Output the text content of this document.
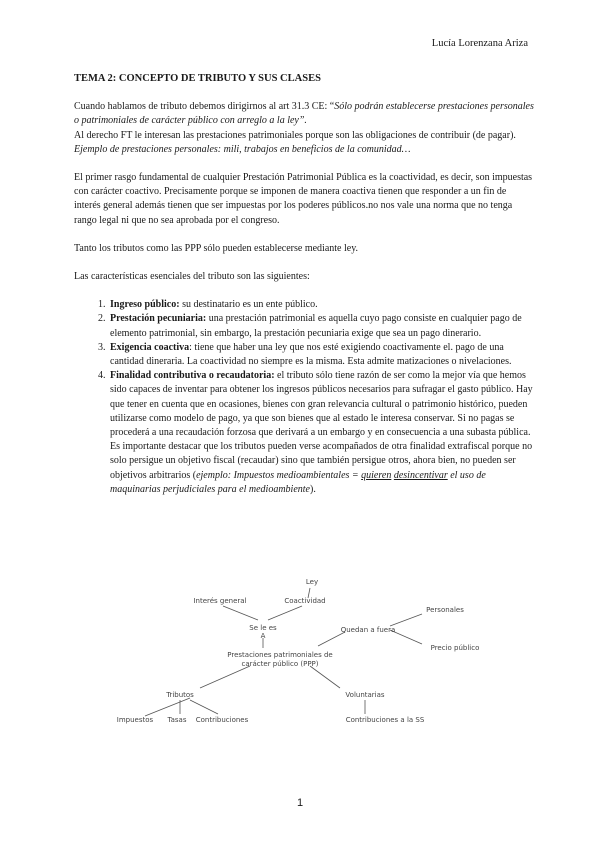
Lucía Lorenzana Ariza
TEMA 2: CONCEPTO DE TRIBUTO Y SUS CLASES

Cuando hablamos de tributo debemos dirigirnos al art 31.3 CE: “Sólo podrán establecerse prestaciones personales o patrimoniales de carácter público con arreglo a la ley”.
Al derecho FT le interesan las prestaciones patrimoniales porque son las obligaciones de contribuir (de pagar). Ejemplo de prestaciones personales: mili, trabajos en beneficios de la comunidad…

El primer rasgo fundamental de cualquier Prestación Patrimonial Pública es la coactividad, es decir, son impuestas con carácter coactivo. Precisamente porque se imponen de manera coactiva tienen que responder a un fin de interés general además tienen que ser impuestas por los poderes públicos.no nos vale una norma que no tenga rango legal ni que no sea aprobada por el congreso.

Tanto los tributos como las PPP sólo pueden establecerse mediante ley.

Las características esenciales del tributo son las siguientes:

1. Ingreso público: su destinatario es un ente público.
2. Prestación pecuniaria: una prestación patrimonial es aquella cuyo pago consiste en cualquier pago de elemento patrimonial, sin embargo, la prestación pecuniaria exige que sea un pago dinerario.
3. Exigencia coactiva: tiene que haber una ley que nos esté exigiendo coactivamente el. pago de una cantidad dineraria. La coactividad no siempre es la misma. Esta admite matizaciones o nivelaciones.
4. Finalidad contributiva o recaudatoria: el tributo sólo tiene razón de ser como la mejor vía que hemos sido capaces de inventar para obtener los ingresos públicos necesarios para sufragar el gasto público. Hay que tener en cuenta que en ocasiones, bienes con gran relevancia cultural o patrimonio histórico, pueden utilizarse como modelo de pago, ya que son bienes que al estado le interesa conservar. Si no pagas se procederá a una recaudación forzosa que derivará a un embargo y en consecuencia a una subasta pública. Es importante destacar que los tributos pueden verse acompañados de otra finalidad extrafiscal porque no solo persigue un objetivo fiscal (recaudar) sino que también persigue otros, ahora bien, no pueden ser objetivos arbitrarios (ejemplo: Impuestos medioambientales = quieren desincentivar el uso de maquinarias perjudiciales para el medioambiente).
Ley
Interés general	Coactividad
Se le es
A
Quedan a fuera
Personales
Precio público
Prestaciones patrimoniales de
carácter público (PPP)
Tributos	Voluntarias
Impuestos Tasas Contribuciones	Contribuciones a la SS
1
